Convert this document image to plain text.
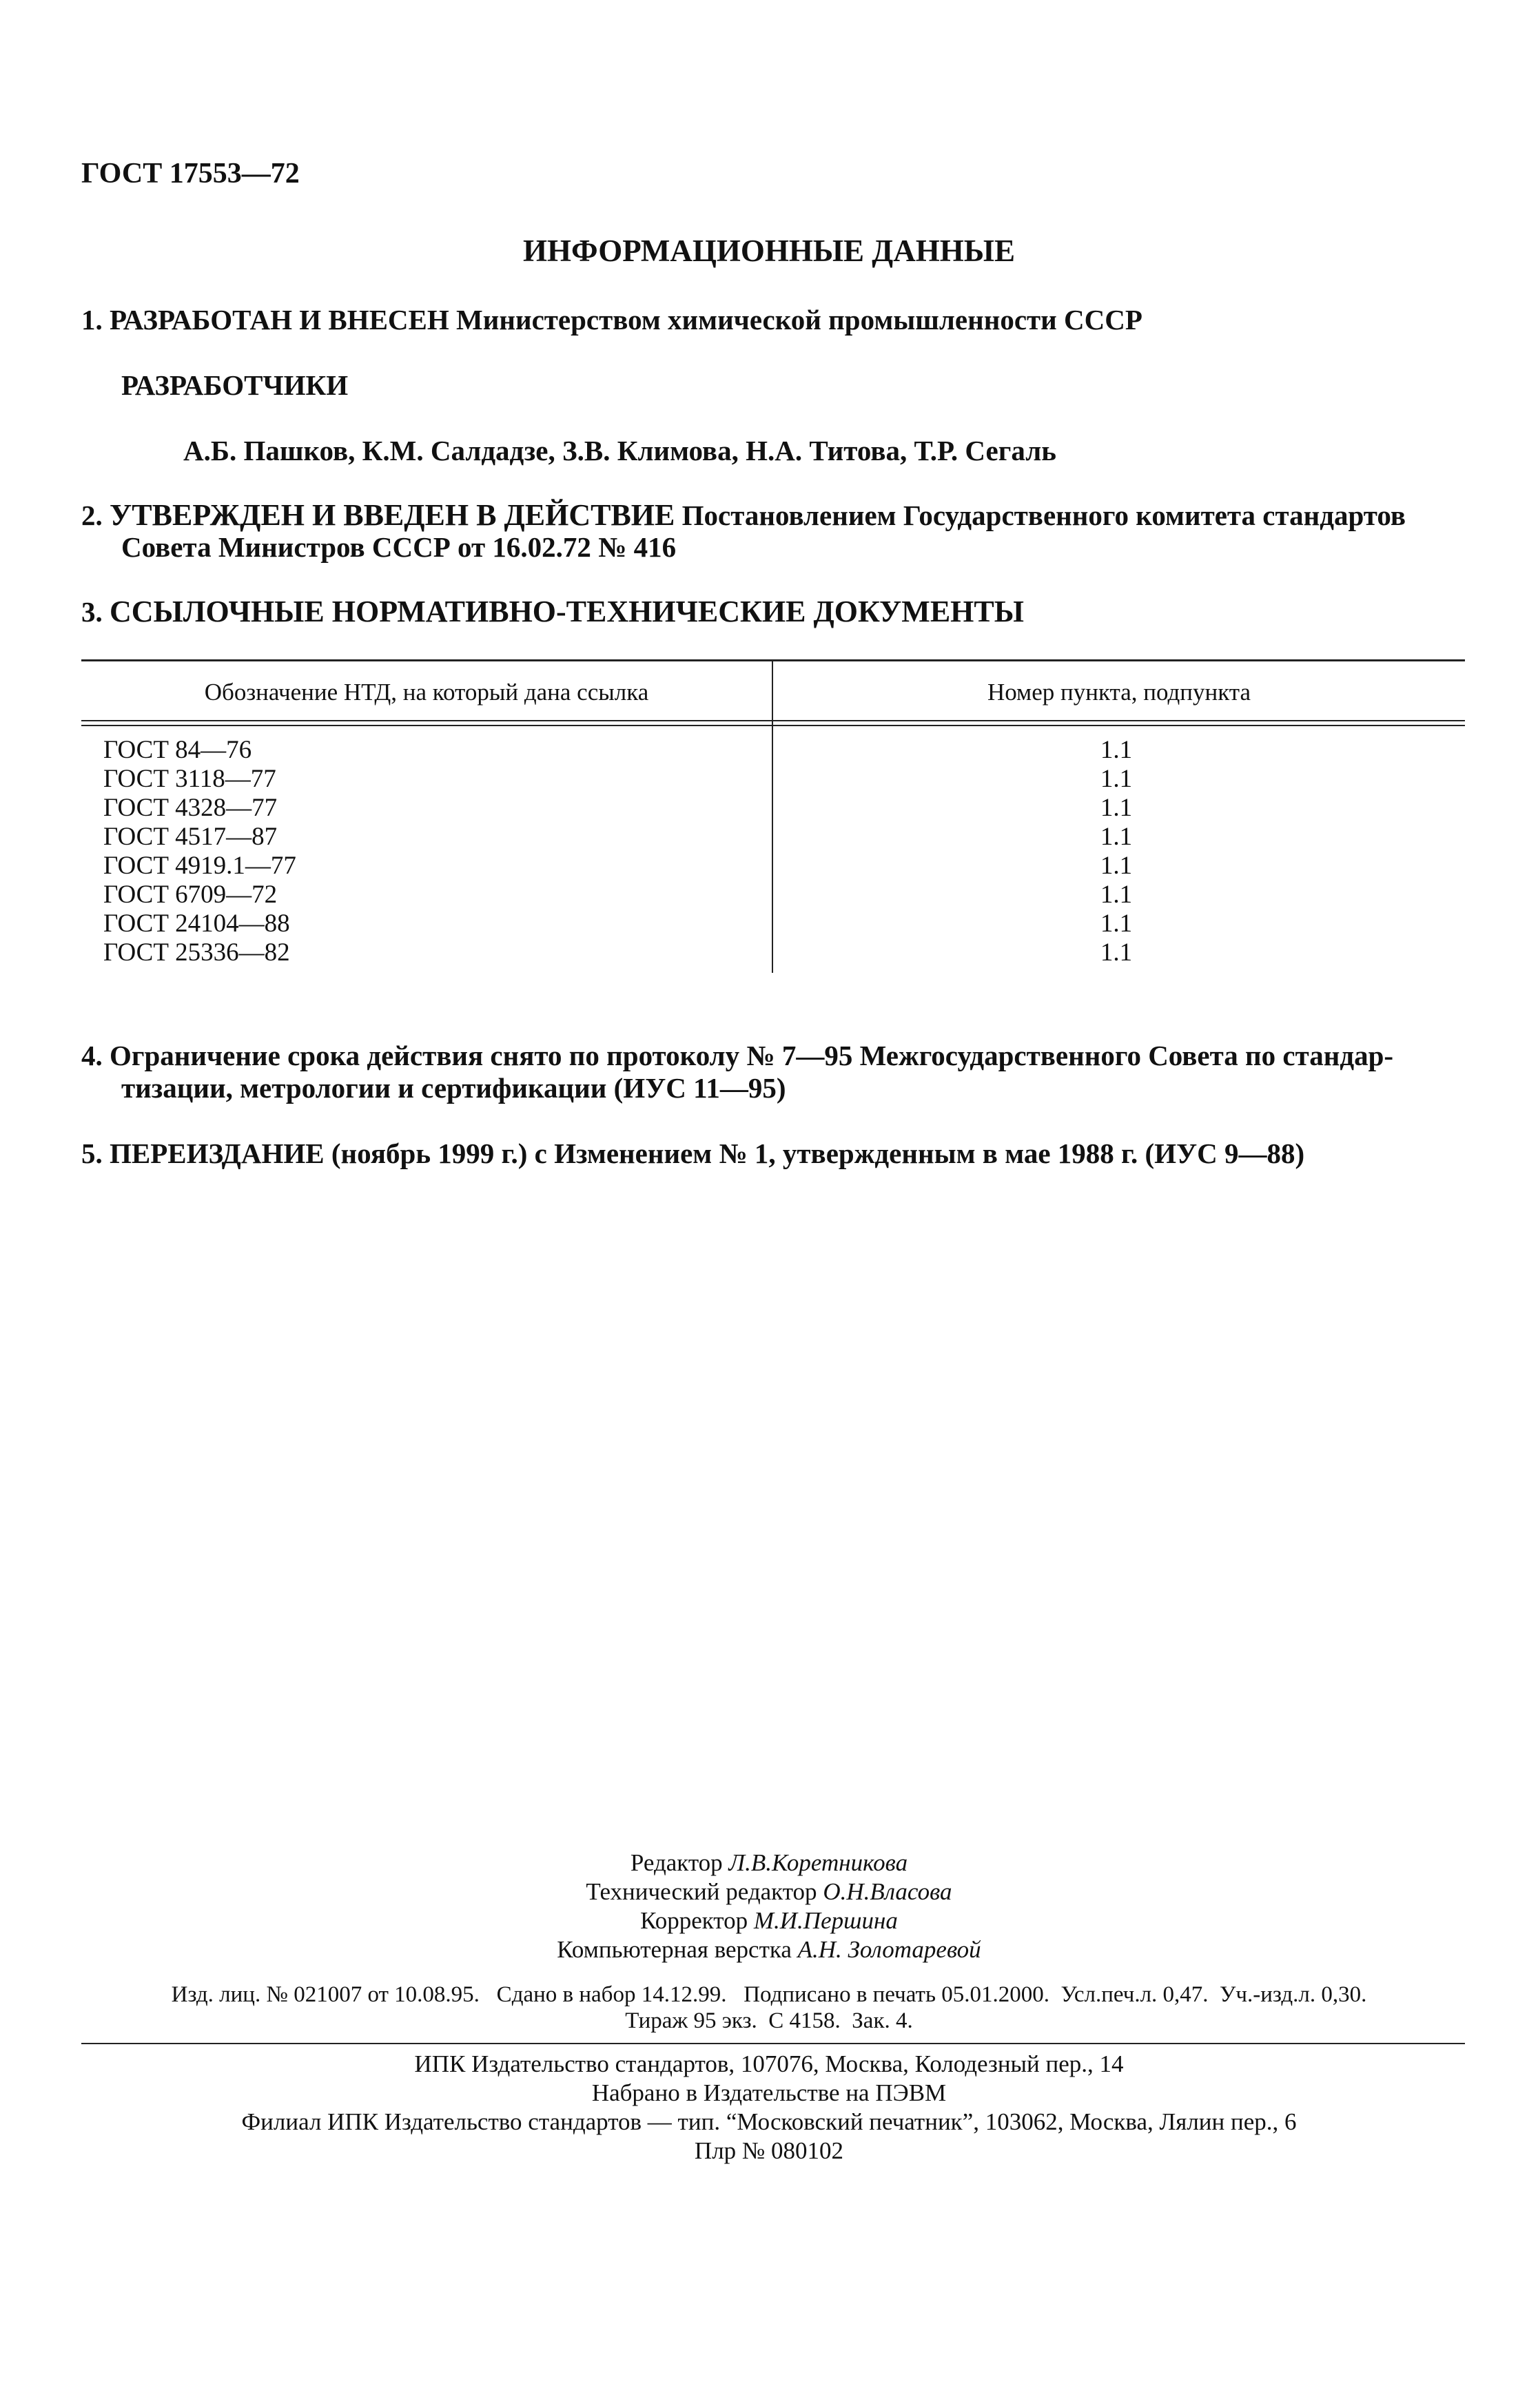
ГОСТ 17553—72
ИНФОРМАЦИОННЫЕ ДАННЫЕ
1. РАЗРАБОТАН И ВНЕСЕН Министерством химической промышленности СССР
РАЗРАБОТЧИКИ
А.Б. Пашков, К.М. Салдадзе, З.В. Климова, Н.А. Титова, Т.Р. Сегаль
2. УТВЕРЖДЕН И ВВЕДЕН В ДЕЙСТВИЕ Постановлением Государственного комитета стандартов
Совета Министров СССР от 16.02.72 № 416
3. ССЫЛОЧНЫЕ НОРМАТИВНО-ТЕХНИЧЕСКИЕ ДОКУМЕНТЫ
Обозначение НТД, на который дана ссылка	Номер пункта, подпункта
ГОСТ 84—76
ГОСТ 3118—77
ГОСТ 4328—77
ГОСТ 4517—87
ГОСТ 4919.1—77
ГОСТ 6709—72
ГОСТ 24104—88
ГОСТ 25336—82
1.1
1.1
1.1
1.1
1.1
1.1
1.1
1.1
4. Ограничение срока действия снято по протоколу № 7—95 Межгосударственного Совета по стандар-
тизации, метрологии и сертификации (ИУС 11—95)
5. ПЕРЕИЗДАНИЕ (ноябрь 1999 г.) с Изменением № 1, утвержденным в мае 1988 г. (ИУС 9—88)
Редактор Л.В.Коретникова
Технический редактор О.Н.Власова
Корректор М.И.Першина
Компьютерная верстка А.Н. Золотаревой
Изд. лиц. № 021007 от 10.08.95.   Сдано в набор 14.12.99.   Подписано в печать 05.01.2000.  Усл.печ.л. 0,47.  Уч.-изд.л. 0,30.
Тираж 95 экз.  С 4158.  Зак. 4.
ИПК Издательство стандартов, 107076, Москва, Колодезный пер., 14
Набрано в Издательстве на ПЭВМ
Филиал ИПК Издательство стандартов — тип. “Московский печатник”, 103062, Москва, Лялин пер., 6
Плр № 080102
